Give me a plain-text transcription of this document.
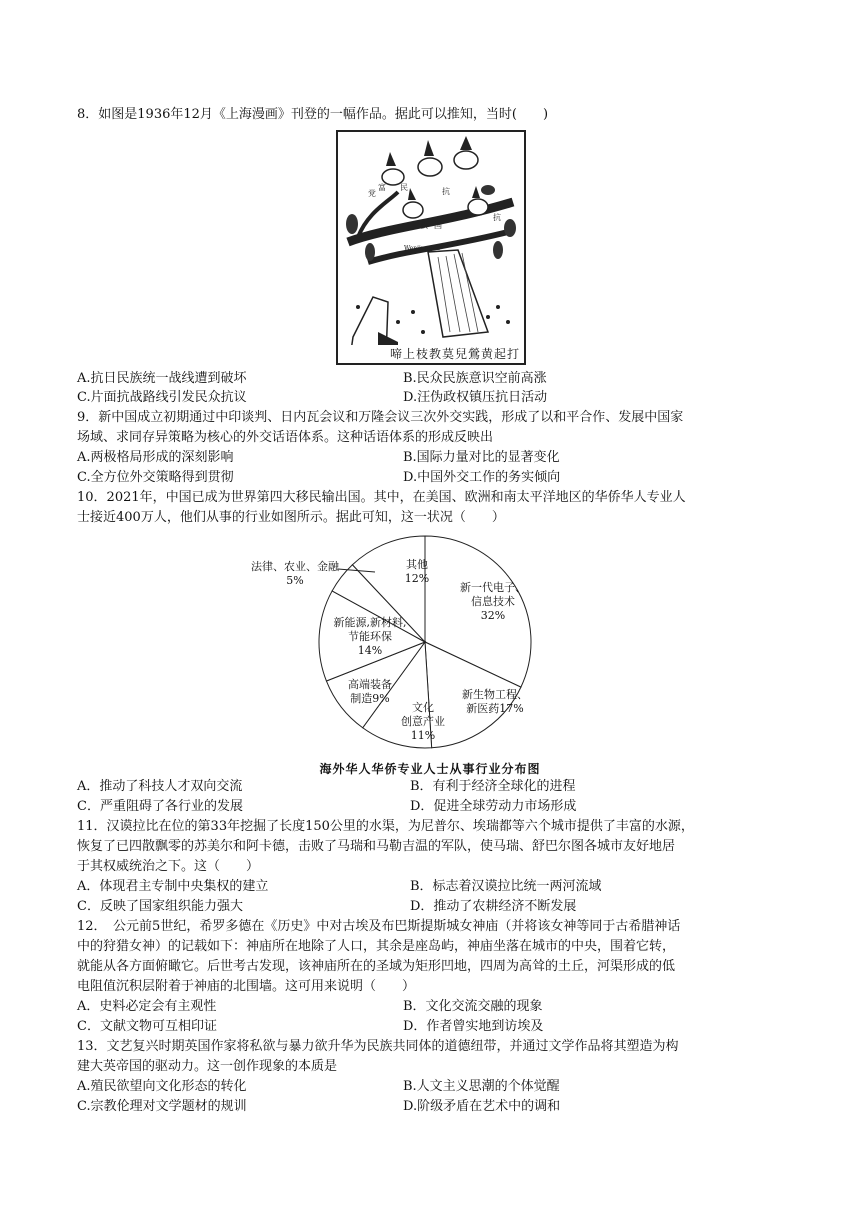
8．如图是1936年12月《上海漫画》刊登的一幅作品。据此可以推知，当时(　　)
富 民	抗
党
救 国
抗
Wenjinggua
啼上枝教莫兒鶯黄起打
A.抗日民族统一战线遭到破坏	B.民众民族意识空前高涨
C.片面抗战路线引发民众抗议	D.汪伪政权镇压抗日活动
9．新中国成立初期通过中印谈判、日内瓦会议和万隆会议三次外交实践，形成了以和平合作、发展中国家
场域、求同存异策略为核心的外交话语体系。这种话语体系的形成反映出
A.两极格局形成的深刻影响	B.国际力量对比的显著变化
C.全方位外交策略得到贯彻	D.中国外交工作的务实倾向
10．2021年，中国已成为世界第四大移民输出国。其中，在美国、欧洲和南太平洋地区的华侨华人专业人
士接近400万人，他们从事的行业如图所示。据此可知，这一状况（　　）
新一代电子、
信息技术
32%
新生物工程、
新医药17%
文化
创意产业
11%
高端装备
制造9%
新能源,新材料,
节能环保
14%
法律、农业、金融
5%
其他
12%
海外华人华侨专业人士从事行业分布图
A．推动了科技人才双向交流	B．有利于经济全球化的进程
C．严重阻碍了各行业的发展	D．促进全球劳动力市场形成
11．汉谟拉比在位的第33年挖掘了长度150公里的水渠，为尼普尔、埃瑞都等六个城市提供了丰富的水源，
恢复了已四散飘零的苏美尔和阿卡德，击败了马瑞和马勒吉温的军队，使马瑞、舒巴尔图各城市友好地居
于其权威统治之下。这（　　）
A．体现君主专制中央集权的建立	B．标志着汉谟拉比统一两河流域
C．反映了国家组织能力强大	D．推动了农耕经济不断发展
12．　公元前5世纪，希罗多德在《历史》中对古埃及布巴斯提斯城女神庙（并将该女神等同于古希腊神话
中的狩猎女神）的记载如下：神庙所在地除了人口，其余是座岛屿，神庙坐落在城市的中央，围着它转，
就能从各方面俯瞰它。后世考古发现，该神庙所在的圣域为矩形凹地，四周为高耸的土丘，河渠形成的低
电阻值沉积层附着于神庙的北围墙。这可用来说明（　　）
A．史料必定会有主观性	B．文化交流交融的现象
C．文献文物可互相印证	D．作者曾实地到访埃及
13．文艺复兴时期英国作家将私欲与暴力欲升华为民族共同体的道德纽带，并通过文学作品将其塑造为构
建大英帝国的驱动力。这一创作现象的本质是
A.殖民欲望向文化形态的转化	B.人文主义思潮的个体觉醒
C.宗教伦理对文学题材的规训	D.阶级矛盾在艺术中的调和
